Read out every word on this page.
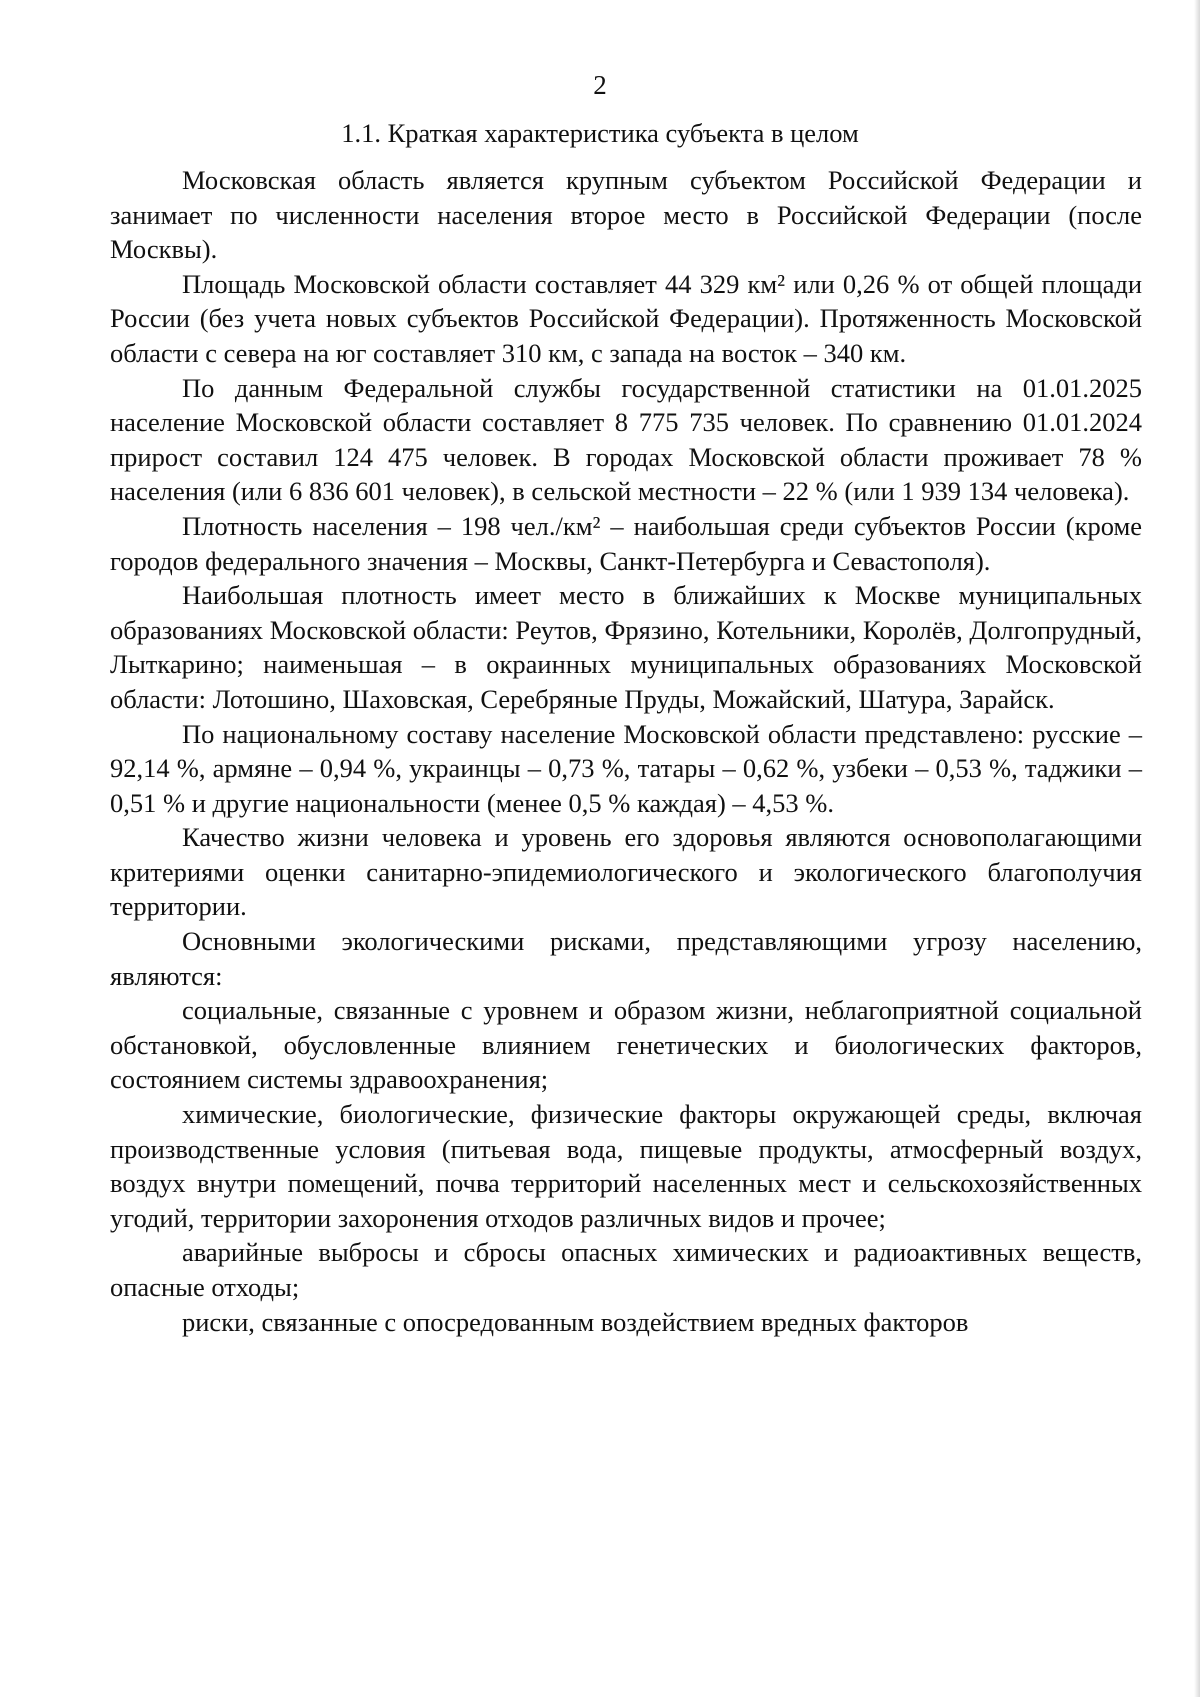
2
1.1. Краткая характеристика субъекта в целом

Московская область является крупным субъектом Российской Федерации и занимает по численности населения второе место в Российской Федерации (после Москвы).

Площадь Московской области составляет 44 329 км² или 0,26 % от общей площади России (без учета новых субъектов Российской Федерации). Протяженность Московской области с севера на юг составляет 310 км, с запада на восток – 340 км.

По данным Федеральной службы государственной статистики на 01.01.2025 население Московской области составляет 8 775 735 человек. По сравнению 01.01.2024 прирост составил 124 475 человек. В городах Московской области проживает 78 % населения (или 6 836 601 человек), в сельской местности – 22 % (или 1 939 134 человека).

Плотность населения – 198 чел./км² – наибольшая среди субъектов России (кроме городов федерального значения – Москвы, Санкт-Петербурга и Севастополя).

Наибольшая плотность имеет место в ближайших к Москве муниципальных образованиях Московской области: Реутов, Фрязино, Котельники, Королёв, Долгопрудный, Лыткарино; наименьшая – в окраинных муниципальных образованиях Московской области: Лотошино, Шаховская, Серебряные Пруды, Можайский, Шатура, Зарайск.

По национальному составу население Московской области представлено: русские – 92,14 %, армяне – 0,94 %, украинцы – 0,73 %, татары – 0,62 %, узбеки – 0,53 %, таджики – 0,51 % и другие национальности (менее 0,5 % каждая) – 4,53 %.

Качество жизни человека и уровень его здоровья являются основополагающими критериями оценки санитарно-эпидемиологического и экологического благополучия территории.

Основными экологическими рисками, представляющими угрозу населению, являются:

социальные, связанные с уровнем и образом жизни, неблагоприятной социальной обстановкой, обусловленные влиянием генетических и биологических факторов, состоянием системы здравоохранения;

химические, биологические, физические факторы окружающей среды, включая производственные условия (питьевая вода, пищевые продукты, атмосферный воздух, воздух внутри помещений, почва территорий населенных мест и сельскохозяйственных угодий, территории захоронения отходов различных видов и прочее;

аварийные выбросы и сбросы опасных химических и радиоактивных веществ, опасные отходы;

риски, связанные с опосредованным воздействием вредных факторов
